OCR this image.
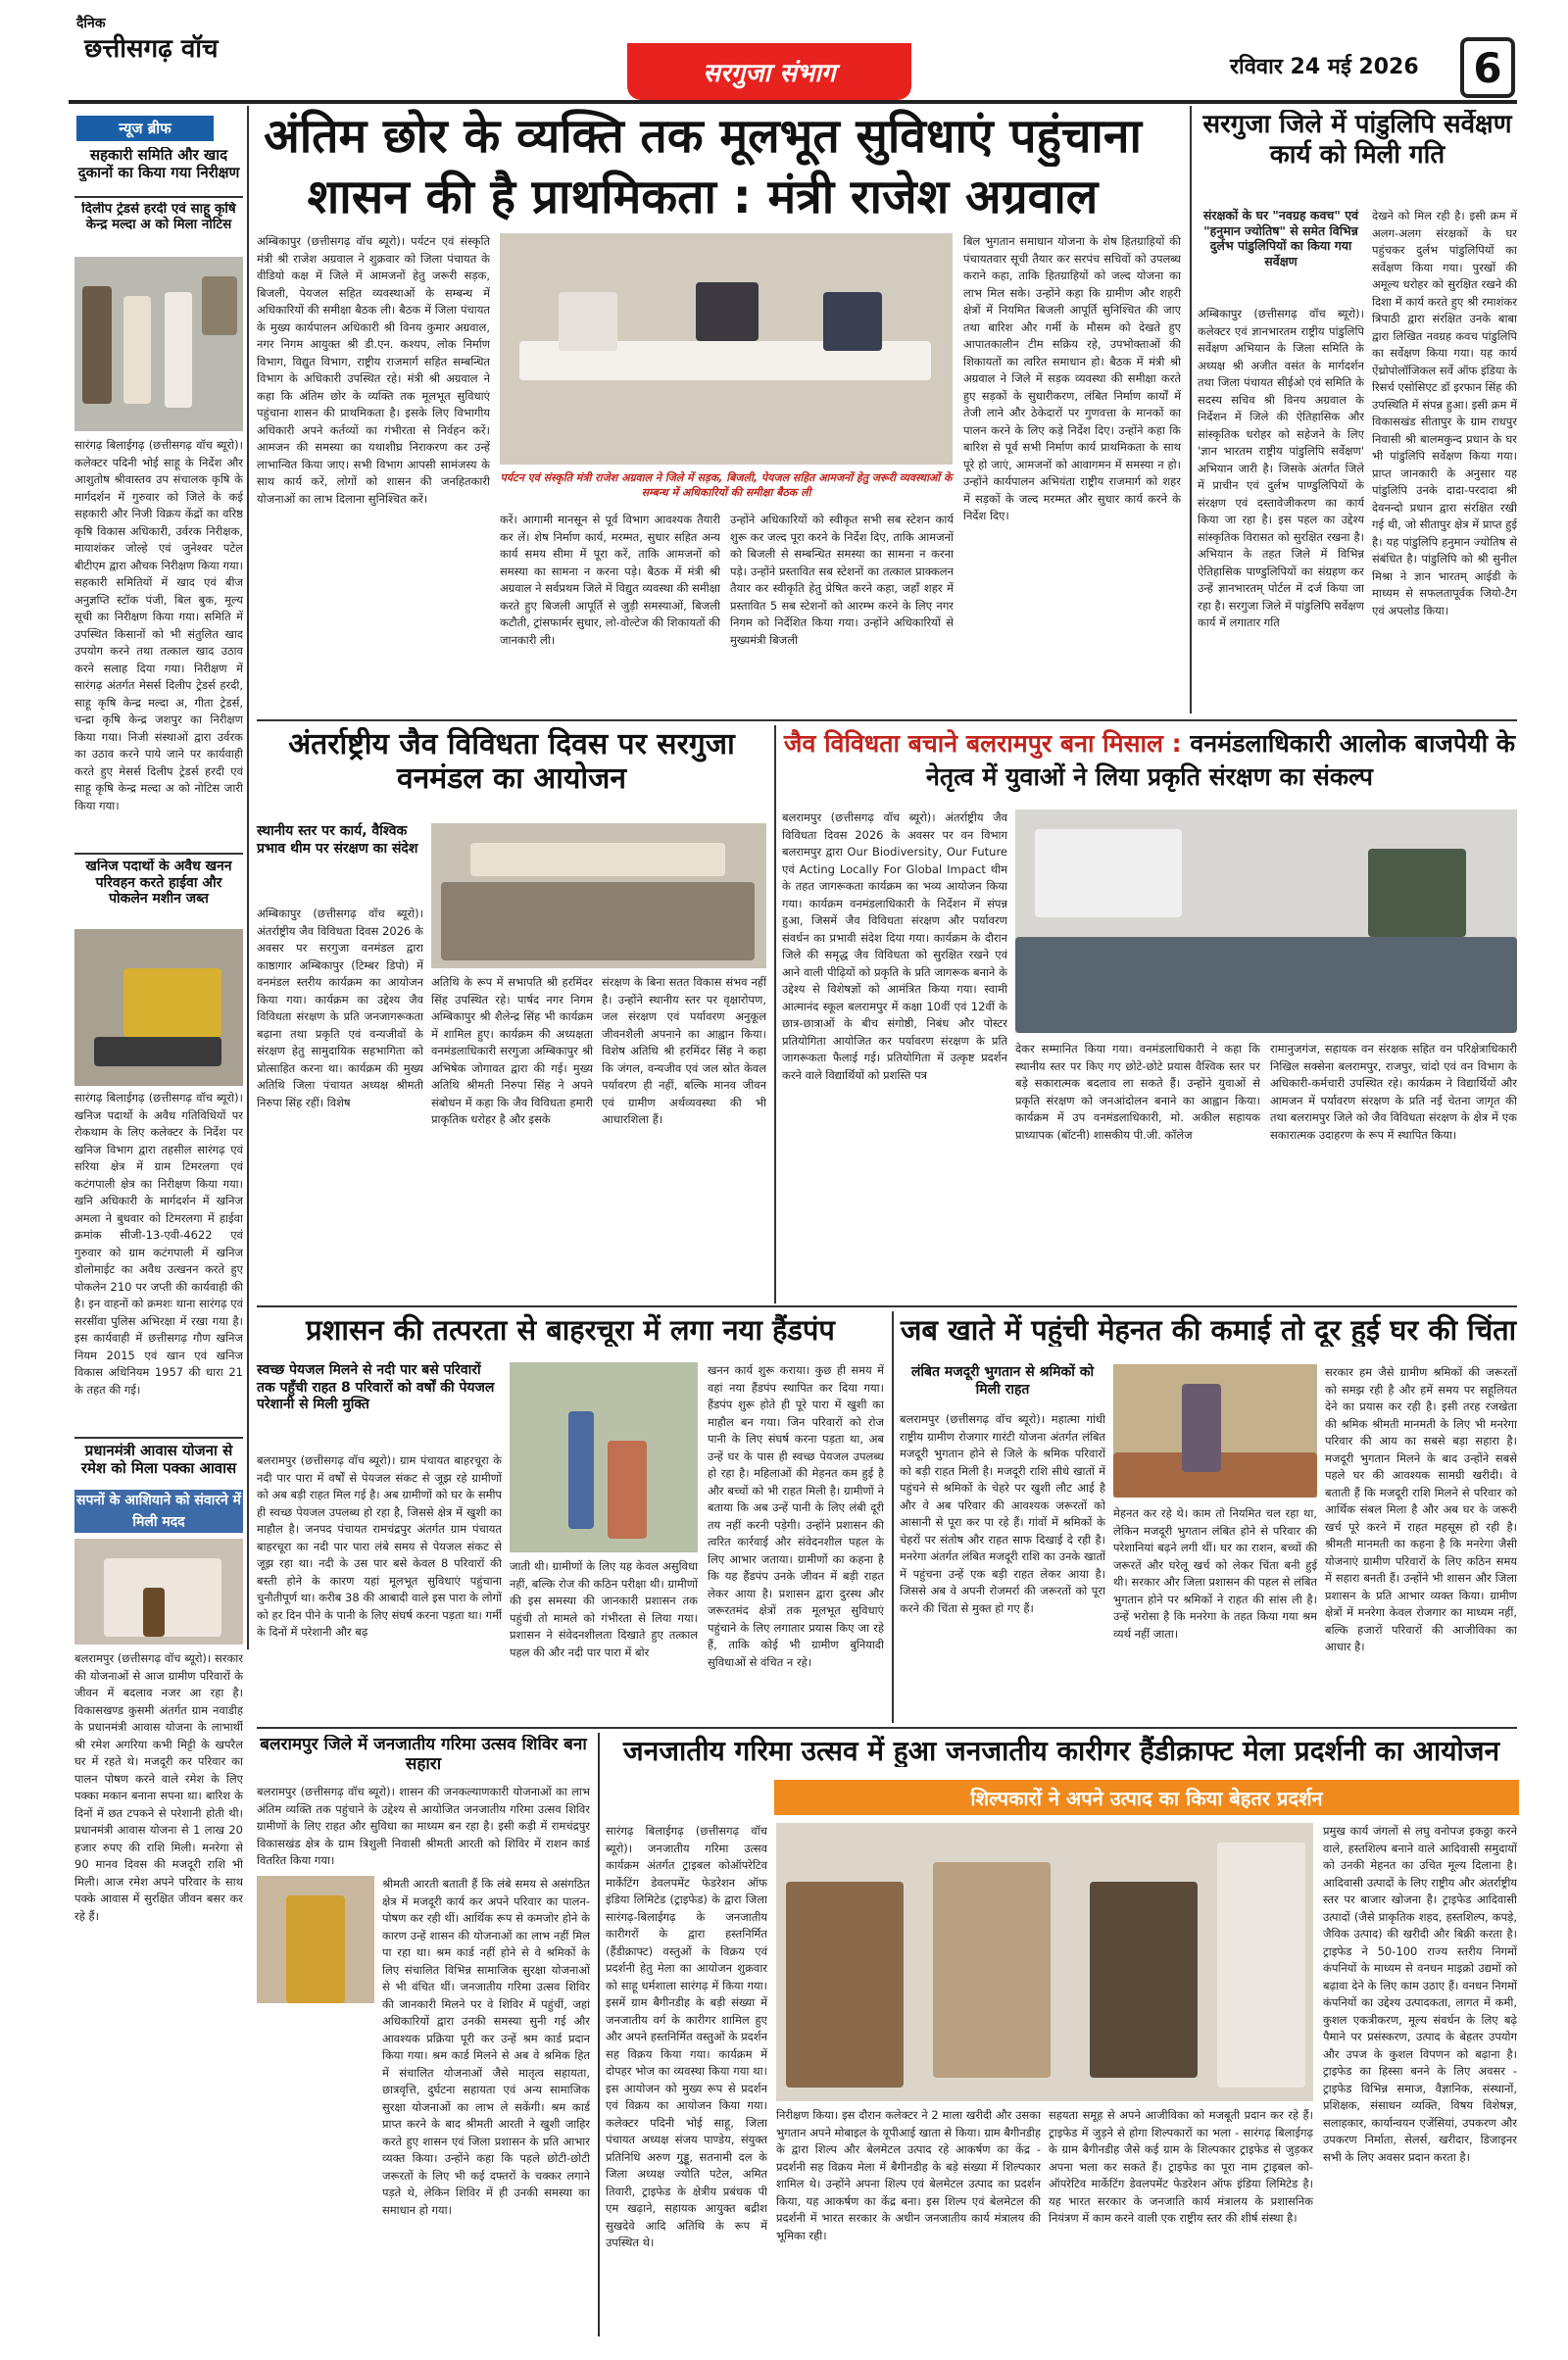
दैनिक
छत्तीसगढ़ वॉच
सरगुजा संभाग	रविवार 24 मई 2026	6
न्यूज ब्रीफ
सहकारी समिति और खाद दुकानों का किया गया निरीक्षण
दिलीप ट्रेडर्स हरदी एवं साहू कृषि केन्द्र मल्दा अ को मिला नोटिस
सारंगढ़ बिलाईगढ़ (छत्तीसगढ़ वॉच ब्यूरो)। कलेक्टर पदिनी भोई साहू के निर्देश और आशुतोष श्रीवास्तव उप संचालक कृषि के मार्गदर्शन में गुरुवार को जिले के कई सहकारी और निजी विक्रय केंद्रों का वरिष्ठ कृषि विकास अधिकारी, उर्वरक निरीक्षक, मायाशंकर जोल्हे एवं जुनेश्वर पटेल बीटीएम द्वारा औचक निरीक्षण किया गया। सहकारी समितियों में खाद एवं बीज अनुज्ञप्ति स्टॉक पंजी, बिल बुक, मूल्य सूची का निरीक्षण किया गया। समिति में उपस्थित किसानों को भी संतुलित खाद उपयोग करने तथा तत्काल खाद उठाव करने सलाह दिया गया। निरीक्षण में सारंगढ़ अंतर्गत मेसर्स दिलीप ट्रेडर्स हरदी, साहू कृषि केन्द्र मल्दा अ, गीता ट्रेडर्स, चन्द्रा कृषि केन्द्र जशपुर का निरीक्षण किया गया। निजी संस्थाओं द्वारा उर्वरक का उठाव करने पाये जाने पर कार्यवाही करते हुए मेसर्स दिलीप ट्रेडर्स हरदी एवं साहू कृषि केन्द्र मल्दा अ को नोटिस जारी किया गया।
खनिज पदार्थो के अवैध खनन परिवहन करते हाईवा और पोकलेन मशीन जब्त
सारंगढ़ बिलाईगढ़ (छत्तीसगढ़ वॉच ब्यूरो)। खनिज पदार्थो के अवैध गतिविधियों पर रोकथाम के लिए कलेक्टर के निर्देश पर खनिज विभाग द्वारा तहसील सारंगढ़ एवं सरिया क्षेत्र में ग्राम टिमरलगा एवं कटंगपाली क्षेत्र का निरीक्षण किया गया। खनि अधिकारी के मार्गदर्शन में खनिज अमला ने बुधवार को टिमरलगा में हाईवा क्रमांक सीजी-13-एवी-4622 एवं गुरुवार को ग्राम कटंगपाली में खनिज डोलोमाईट का अवैध उत्खनन करते हुए पोकलेन 210 पर जप्ती की कार्यवाही की है। इन वाहनों को क्रमशः थाना सारंगढ़ एवं सरसींवा पुलिस अभिरक्षा में रखा गया है। इस कार्यवाही में छत्तीसगढ़ गौण खनिज नियम 2015 एवं खान एवं खनिज विकास अधिनियम 1957 की धारा 21 के तहत की गई।
प्रधानमंत्री आवास योजना से रमेश को मिला पक्का आवास
सपनों के आशियाने को संवारने में मिली मदद
बलरामपुर (छत्तीसगढ़ वॉच ब्यूरो)। सरकार की योजनाओं से आज ग्रामीण परिवारों के जीवन में बदलाव नजर आ रहा है। विकासखण्ड कुसमी अंतर्गत ग्राम नवाडीह के प्रधानमंत्री आवास योजना के लाभार्थी श्री रमेश अगरिया कभी मिट्टी के खपरैल घर में रहते थे। मजदूरी कर परिवार का पालन पोषण करने वाले रमेश के लिए पक्का मकान बनाना सपना था। बारिश के दिनों में छत टपकने से परेशानी होती थी। प्रधानमंत्री आवास योजना से 1 लाख 20 हजार रुपए की राशि मिली। मनरेगा से 90 मानव दिवस की मजदूरी राशि भी मिली। आज रमेश अपने परिवार के साथ पक्के आवास में सुरक्षित जीवन बसर कर रहे हैं।
अंतिम छोर के व्यक्ति तक मूलभूत सुविधाएं पहुंचाना
शासन की है प्राथमिकता : मंत्री राजेश अग्रवाल
अम्बिकापुर (छत्तीसगढ़ वॉच ब्यूरो)। पर्यटन एवं संस्कृति मंत्री श्री राजेश अग्रवाल ने शुक्रवार को जिला पंचायत के वीडियो कक्ष में जिले में आमजनों हेतु जरूरी सड़क, बिजली, पेयजल सहित व्यवस्थाओं के सम्बन्ध में अधिकारियों की समीक्षा बैठक ली। बैठक में जिला पंचायत के मुख्य कार्यपालन अधिकारी श्री विनय कुमार अग्रवाल, नगर निगम आयुक्त श्री डी.एन. कश्यप, लोक निर्माण विभाग, विद्युत विभाग, राष्ट्रीय राजमार्ग सहित सम्बन्धित विभाग के अधिकारी उपस्थित रहे। मंत्री श्री अग्रवाल ने कहा कि अंतिम छोर के व्यक्ति तक मूलभूत सुविधाएं पहुंचाना शासन की प्राथमिकता है। इसके लिए विभागीय अधिकारी अपने कर्तव्यों का गंभीरता से निर्वहन करें। आमजन की समस्या का यथाशीघ्र निराकरण कर उन्हें लाभान्वित किया जाए। सभी विभाग आपसी सामंजस्य के साथ कार्य करें, लोगों को शासन की जनहितकारी योजनाओं का लाभ दिलाना सुनिश्चित करें।
पर्यटन एवं संस्कृति मंत्री राजेश अग्रवाल ने जिले में सड़क, बिजली, पेयजल सहित आमजनों हेतु जरूरी व्यवस्थाओं के सम्बन्ध में अधिकारियों की समीक्षा बैठक ली
करें। आगामी मानसून से पूर्व विभाग आवश्यक तैयारी कर लें। शेष निर्माण कार्य, मरम्मत, सुधार सहित अन्य कार्य समय सीमा में पूरा करें, ताकि आमजनों को समस्या का सामना न करना पड़े। बैठक में मंत्री श्री अग्रवाल ने सर्वप्रथम जिले में विद्युत व्यवस्था की समीक्षा करते हुए बिजली आपूर्ति से जुड़ी समस्याओं, बिजली कटौती, ट्रांसफार्मर सुधार, लो-वोल्टेज की शिकायतों की जानकारी ली।
उन्होंने अधिकारियों को स्वीकृत सभी सब स्टेशन कार्य शुरू कर जल्द पूरा करने के निर्देश दिए, ताकि आमजनों को बिजली से सम्बन्धित समस्या का सामना न करना पड़े। उन्होंने प्रस्तावित सब स्टेशनों का तत्काल प्राक्कलन तैयार कर स्वीकृति हेतु प्रेषित करने कहा, जहाँ शहर में प्रस्तावित 5 सब स्टेशनों को आरम्भ करने के लिए नगर निगम को निर्देशित किया गया। उन्होंने अधिकारियों से मुख्यमंत्री बिजली
बिल भुगतान समाधान योजना के शेष हितग्राहियों की पंचायतवार सूची तैयार कर सरपंच सचिवों को उपलब्ध कराने कहा, ताकि हितग्राहियों को जल्द योजना का लाभ मिल सके। उन्होंने कहा कि ग्रामीण और शहरी क्षेत्रों में नियमित बिजली आपूर्ति सुनिश्चित की जाए तथा बारिश और गर्मी के मौसम को देखते हुए आपातकालीन टीम सक्रिय रहे, उपभोक्ताओं की शिकायतों का त्वरित समाधान हो। बैठक में मंत्री श्री अग्रवाल ने जिले में सड़क व्यवस्था की समीक्षा करते हुए सड़कों के सुधारीकरण, लंबित निर्माण कार्यों में तेजी लाने और ठेकेदारों पर गुणवत्ता के मानकों का पालन करने के लिए कड़े निर्देश दिए। उन्होंने कहा कि बारिश से पूर्व सभी निर्माण कार्य प्राथमिकता के साथ पूरे हो जाएं, आमजनों को आवागमन में समस्या न हो। उन्होंने कार्यपालन अभियंता राष्ट्रीय राजमार्ग को शहर में सड़कों के जल्द मरम्मत और सुधार कार्य करने के निर्देश दिए।
सरगुजा जिले में पांडुलिपि सर्वेक्षण कार्य को मिली गति
संरक्षकों के घर "नवग्रह कवच" एवं "हनुमान ज्योतिष" से समेत विभिन्न दुर्लभ पांडुलिपियों का किया गया सर्वेक्षण
अम्बिकापुर (छत्तीसगढ़ वॉच ब्यूरो)। कलेक्टर एवं ज्ञानभारतम राष्ट्रीय पांडुलिपि सर्वेक्षण अभियान के जिला समिति के अध्यक्ष श्री अजीत वसंत के मार्गदर्शन तथा जिला पंचायत सीईओ एवं समिति के सदस्य सचिव श्री विनय अग्रवाल के निर्देशन में जिले की ऐतिहासिक और सांस्कृतिक धरोहर को सहेजने के लिए 'ज्ञान भारतम राष्ट्रीय पांडुलिपि सर्वेक्षण' अभियान जारी है। जिसके अंतर्गत जिले में प्राचीन एवं दुर्लभ पाण्डुलिपियों के संरक्षण एवं दस्तावेजीकरण का कार्य किया जा रहा है। इस पहल का उद्देश्य सांस्कृतिक विरासत को सुरक्षित रखना है। अभियान के तहत जिले में विभिन्न ऐतिहासिक पाण्डुलिपियों का संग्रहण कर उन्हें ज्ञानभारतम् पोर्टल में दर्ज किया जा रहा है। सरगुजा जिले में पांडुलिपि सर्वेक्षण कार्य में लगातार गति
देखने को मिल रही है। इसी क्रम में अलग-अलग संरक्षकों के घर पहुंचकर दुर्लभ पांडुलिपियों का सर्वेक्षण किया गया। पुरखों की अमूल्य धरोहर को सुरक्षित रखने की दिशा में कार्य करते हुए श्री रमाशंकर त्रिपाठी द्वारा संरक्षित उनके बाबा द्वारा लिखित नवग्रह कवच पांडुलिपि का सर्वेक्षण किया गया। यह कार्य ऐंथ्रोपोलॉजिकल सर्वे ऑफ इंडिया के रिसर्च एसोसिएट डॉ इरफान सिंह की उपस्थिति में संपन्न हुआ। इसी क्रम में विकासखंड सीतापुर के ग्राम राधपुर निवासी श्री बालमकुन्द प्रधान के घर भी पांडुलिपि सर्वेक्षण किया गया। प्राप्त जानकारी के अनुसार यह पांडुलिपि उनके दादा-परदादा श्री देवनन्दो प्रधान द्वारा संरक्षित रखी गई थी, जो सीतापुर क्षेत्र में प्राप्त हुई है। यह पांडुलिपि हनुमान ज्योतिष से संबंधित है। पांडुलिपि को श्री सुनील मिश्रा ने ज्ञान भारतम् आईडी के माध्यम से सफलतापूर्वक जियो-टैग एवं अपलोड किया।
अंतर्राष्ट्रीय जैव विविधता दिवस पर सरगुजा वनमंडल का आयोजन
स्थानीय स्तर पर कार्य, वैश्विक प्रभाव थीम पर संरक्षण का संदेश
अम्बिकापुर (छत्तीसगढ़ वॉच ब्यूरो)। अंतर्राष्ट्रीय जैव विविधता दिवस 2026 के अवसर पर सरगुजा वनमंडल द्वारा काष्ठागार अम्बिकापुर (टिम्बर डिपो) में वनमंडल स्तरीय कार्यक्रम का आयोजन किया गया। कार्यक्रम का उद्देश्य जैव विविधता संरक्षण के प्रति जनजागरूकता बढ़ाना तथा प्रकृति एवं वन्यजीवों के संरक्षण हेतु सामुदायिक सहभागिता को प्रोत्साहित करना था। कार्यक्रम की मुख्य अतिथि जिला पंचायत अध्यक्ष श्रीमती निरुपा सिंह रहीं। विशेष
अतिथि के रूप में सभापति श्री हरमिंदर सिंह उपस्थित रहे। पार्षद नगर निगम अम्बिकापुर श्री शैलेन्द्र सिंह भी कार्यक्रम में शामिल हुए। कार्यक्रम की अध्यक्षता वनमंडलाधिकारी सरगुजा अम्बिकापुर श्री अभिषेक जोगावत द्वारा की गई। मुख्य अतिथि श्रीमती निरुपा सिंह ने अपने संबोधन में कहा कि जैव विविधता हमारी प्राकृतिक धरोहर है और इसके
संरक्षण के बिना सतत विकास संभव नहीं है। उन्होंने स्थानीय स्तर पर वृक्षारोपण, जल संरक्षण एवं पर्यावरण अनुकूल जीवनशैली अपनाने का आह्वान किया। विशेष अतिथि श्री हरमिंदर सिंह ने कहा कि जंगल, वन्यजीव एवं जल स्रोत केवल पर्यावरण ही नहीं, बल्कि मानव जीवन एवं ग्रामीण अर्थव्यवस्था की भी आधारशिला हैं।
जैव विविधता बचाने बलरामपुर बना मिसाल : वनमंडलाधिकारी आलोक बाजपेयी के नेतृत्व में युवाओं ने लिया प्रकृति संरक्षण का संकल्प
बलरामपुर (छत्तीसगढ़ वॉच ब्यूरो)। अंतर्राष्ट्रीय जैव विविधता दिवस 2026 के अवसर पर वन विभाग बलरामपुर द्वारा Our Biodiversity, Our Future एवं Acting Locally For Global Impact थीम के तहत जागरूकता कार्यक्रम का भव्य आयोजन किया गया। कार्यक्रम वनमंडलाधिकारी के निर्देशन में संपन्न हुआ, जिसमें जैव विविधता संरक्षण और पर्यावरण संवर्धन का प्रभावी संदेश दिया गया। कार्यक्रम के दौरान जिले की समृद्ध जैव विविधता को सुरक्षित रखने एवं आने वाली पीढ़ियों को प्रकृति के प्रति जागरूक बनाने के उद्देश्य से विशेषज्ञों को आमंत्रित किया गया। स्वामी आत्मानंद स्कूल बलरामपुर में कक्षा 10वीं एवं 12वीं के छात्र-छात्राओं के बीच संगोष्ठी, निबंध और पोस्टर प्रतियोगिता आयोजित कर पर्यावरण संरक्षण के प्रति जागरूकता फैलाई गई। प्रतियोगिता में उत्कृष्ट प्रदर्शन करने वाले विद्यार्थियों को प्रशस्ति पत्र
देकर सम्मानित किया गया। वनमंडलाधिकारी ने कहा कि स्थानीय स्तर पर किए गए छोटे-छोटे प्रयास वैश्विक स्तर पर बड़े सकारात्मक बदलाव ला सकते हैं। उन्होंने युवाओं से प्रकृति संरक्षण को जनआंदोलन बनाने का आह्वान किया। कार्यक्रम में उप वनमंडलाधिकारी, मो. अकील सहायक प्राध्यापक (बॉटनी) शासकीय पी.जी. कॉलेज
रामानुजगंज, सहायक वन संरक्षक सहित वन परिक्षेत्राधिकारी निखिल सक्सेना बलरामपुर, राजपुर, चांदो एवं वन विभाग के अधिकारी-कर्मचारी उपस्थित रहे। कार्यक्रम ने विद्यार्थियों और आमजन में पर्यावरण संरक्षण के प्रति नई चेतना जागृत की तथा बलरामपुर जिले को जैव विविधता संरक्षण के क्षेत्र में एक सकारात्मक उदाहरण के रूप में स्थापित किया।
प्रशासन की तत्परता से बाहरचूरा में लगा नया हैंडपंप
स्वच्छ पेयजल मिलने से नदी पार बसे परिवारों तक पहुँची राहत 8 परिवारों को वर्षों की पेयजल परेशानी से मिली मुक्ति
बलरामपुर (छत्तीसगढ़ वॉच ब्यूरो)। ग्राम पंचायत बाहरचूरा के नदी पार पारा में वर्षों से पेयजल संकट से जूझ रहे ग्रामीणों को अब बड़ी राहत मिल गई है। अब ग्रामीणों को घर के समीप ही स्वच्छ पेयजल उपलब्ध हो रहा है, जिससे क्षेत्र में खुशी का माहौल है। जनपद पंचायत रामचंद्रपुर अंतर्गत ग्राम पंचायत बाहरचूरा का नदी पार पारा लंबे समय से पेयजल संकट से जूझ रहा था। नदी के उस पार बसे केवल 8 परिवारों की बस्ती होने के कारण यहां मूलभूत सुविधाएं पहुंचाना चुनौतीपूर्ण था। करीब 38 की आबादी वाले इस पारा के लोगों को हर दिन पीने के पानी के लिए संघर्ष करना पड़ता था। गर्मी के दिनों में परेशानी और बढ़
जाती थी। ग्रामीणों के लिए यह केवल असुविधा नहीं, बल्कि रोज की कठिन परीक्षा थी। ग्रामीणों की इस समस्या की जानकारी प्रशासन तक पहुंची तो मामले को गंभीरता से लिया गया। प्रशासन ने संवेदनशीलता दिखाते हुए तत्काल पहल की और नदी पार पारा में बोर
खनन कार्य शुरू कराया। कुछ ही समय में वहां नया हैंडपंप स्थापित कर दिया गया। हैंडपंप शुरू होते ही पूरे पारा में खुशी का माहौल बन गया। जिन परिवारों को रोज पानी के लिए संघर्ष करना पड़ता था, अब उन्हें घर के पास ही स्वच्छ पेयजल उपलब्ध हो रहा है। महिलाओं की मेहनत कम हुई है और बच्चों को भी राहत मिली है। ग्रामीणों ने बताया कि अब उन्हें पानी के लिए लंबी दूरी तय नहीं करनी पड़ेगी। उन्होंने प्रशासन की त्वरित कार्रवाई और संवेदनशील पहल के लिए आभार जताया। ग्रामीणों का कहना है कि यह हैंडपंप उनके जीवन में बड़ी राहत लेकर आया है। प्रशासन द्वारा दुरस्थ और जरूरतमंद क्षेत्रों तक मूलभूत सुविधाएं पहुंचाने के लिए लगातार प्रयास किए जा रहे हैं, ताकि कोई भी ग्रामीण बुनियादी सुविधाओं से वंचित न रहे।
जब खाते में पहुंची मेहनत की कमाई तो दूर हुई घर की चिंता
लंबित मजदूरी भुगतान से श्रमिकों को मिली राहत
बलरामपुर (छत्तीसगढ़ वॉच ब्यूरो)। महात्मा गांधी राष्ट्रीय ग्रामीण रोजगार गारंटी योजना अंतर्गत लंबित मजदूरी भुगतान होने से जिले के श्रमिक परिवारों को बड़ी राहत मिली है। मजदूरी राशि सीधे खातों में पहुंचने से श्रमिकों के चेहरे पर खुशी लौट आई है और वे अब परिवार की आवश्यक जरूरतों को आसानी से पूरा कर पा रहे हैं। गांवों में श्रमिकों के चेहरों पर संतोष और राहत साफ दिखाई दे रही है। मनरेगा अंतर्गत लंबित मजदूरी राशि का उनके खातों में पहुंचना उन्हें एक बड़ी राहत लेकर आया है। जिससे अब वे अपनी रोजमर्रा की जरूरतों को पूरा करने की चिंता से मुक्त हो गए हैं।
मेहनत कर रहे थे। काम तो नियमित चल रहा था, लेकिन मजदूरी भुगतान लंबित होने से परिवार की परेशानियां बढ़ने लगी थीं। घर का राशन, बच्चों की जरूरतें और घरेलू खर्च को लेकर चिंता बनी हुई थी। सरकार और जिला प्रशासन की पहल से लंबित भुगतान होने पर श्रमिकों ने राहत की सांस ली है। उन्हें भरोसा है कि मनरेगा के तहत किया गया श्रम व्यर्थ नहीं जाता।
सरकार हम जैसे ग्रामीण श्रमिकों की जरूरतों को समझ रही है और हमें समय पर सहूलियत देने का प्रयास कर रही है। इसी तरह रजखेता की श्रमिक श्रीमती मानमती के लिए भी मनरेगा परिवार की आय का सबसे बड़ा सहारा है। मजदूरी भुगतान मिलने के बाद उन्होंने सबसे पहले घर की आवश्यक सामग्री खरीदी। वे बताती हैं कि मजदूरी राशि मिलने से परिवार को आर्थिक संबल मिला है और अब घर के जरूरी खर्च पूरे करने में राहत महसूस हो रही है। श्रीमती मानमती का कहना है कि मनरेगा जैसी योजनाएं ग्रामीण परिवारों के लिए कठिन समय में सहारा बनती हैं। उन्होंने भी शासन और जिला प्रशासन के प्रति आभार व्यक्त किया। ग्रामीण क्षेत्रों में मनरेगा केवल रोजगार का माध्यम नहीं, बल्कि हजारों परिवारों की आजीविका का आधार है।
बलरामपुर जिले में जनजातीय गरिमा उत्सव शिविर बना सहारा
बलरामपुर (छत्तीसगढ़ वॉच ब्यूरो)। शासन की जनकल्याणकारी योजनाओं का लाभ अंतिम व्यक्ति तक पहुंचाने के उद्देश्य से आयोजित जनजातीय गरिमा उत्सव शिविर ग्रामीणों के लिए राहत और सुविधा का माध्यम बन रहा है। इसी कड़ी में रामचंद्रपुर विकासखंड क्षेत्र के ग्राम त्रिशुली निवासी श्रीमती आरती को शिविर में राशन कार्ड वितरित किया गया।
श्रीमती आरती बताती हैं कि लंबे समय से असंगठित क्षेत्र में मजदूरी कार्य कर अपने परिवार का पालन-पोषण कर रही थीं। आर्थिक रूप से कमजोर होने के कारण उन्हें शासन की योजनाओं का लाभ नहीं मिल पा रहा था। श्रम कार्ड नहीं होने से वे श्रमिकों के लिए संचालित विभिन्न सामाजिक सुरक्षा योजनाओं से भी वंचित थीं। जनजातीय गरिमा उत्सव शिविर की जानकारी मिलने पर वे शिविर में पहुंचीं, जहां अधिकारियों द्वारा उनकी समस्या सुनी गई और आवश्यक प्रक्रिया पूरी कर उन्हें श्रम कार्ड प्रदान किया गया। श्रम कार्ड मिलने से अब वे श्रमिक हित में संचालित योजनाओं जैसे मातृत्व सहायता, छात्रवृत्ति, दुर्घटना सहायता एवं अन्य सामाजिक सुरक्षा योजनाओं का लाभ ले सकेंगी। श्रम कार्ड प्राप्त करने के बाद श्रीमती आरती ने खुशी जाहिर करते हुए शासन एवं जिला प्रशासन के प्रति आभार व्यक्त किया। उन्होंने कहा कि पहले छोटी-छोटी जरूरतों के लिए भी कई दफ्तरों के चक्कर लगाने पड़ते थे, लेकिन शिविर में ही उनकी समस्या का समाधान हो गया।
जनजातीय गरिमा उत्सव में हुआ जनजातीय कारीगर हैंडीक्राफ्ट मेला प्रदर्शनी का आयोजन
शिल्पकारों ने अपने उत्पाद का किया बेहतर प्रदर्शन
सारंगढ़ बिलाईगढ़ (छत्तीसगढ़ वॉच ब्यूरो)। जनजातीय गरिमा उत्सव कार्यक्रम अंतर्गत ट्राइबल कोऑपरेटिव मार्केटिंग डेवलपमेंट फेडरेशन ऑफ इंडिया लिमिटेड (ट्राइफेड) के द्वारा जिला सारंगढ़-बिलाईगढ़ के जनजातीय कारीगरों के द्वारा हस्तनिर्मित (हैंडीक्राफ्ट) वस्तुओं के विक्रय एवं प्रदर्शनी हेतु मेला का आयोजन शुक्रवार को साहू धर्मशाला सारंगढ़ में किया गया। इसमें ग्राम बैगीनडीह के बड़ी संख्या में जनजातीय वर्ग के कारीगर शामिल हुए और अपने हस्तनिर्मित वस्तुओं के प्रदर्शन सह विक्रय किया गया। कार्यक्रम में दोपहर भोज का व्यवस्था किया गया था। इस आयोजन को मुख्य रूप से प्रदर्शन एवं विक्रय का आयोजन किया गया। कलेक्टर पदिनी भोई साहू, जिला पंचायत अध्यक्ष संजय पाण्डेय, संयुक्त प्रतिनिधि अरुण गुड्डू, सतनामी दल के जिला अध्यक्ष ज्योति पटेल, अमित तिवारी, ट्राइफेड के क्षेत्रीय प्रबंधक पी एम खढ़ाने, सहायक आयुक्त बद्रीश सुखदेवे आदि अतिथि के रूप में उपस्थित थे।
निरीक्षण किया। इस दौरान कलेक्टर ने 2 माला खरीदी और उसका भुगतान अपने मोबाइल के यूपीआई खाता से किया। ग्राम बैगीनडीह के द्वारा शिल्प और बेलमेटल उत्पाद रहे आकर्षण का केंद्र - प्रदर्शनी सह विक्रय मेला में बैगीनडीह के बड़े संख्या में शिल्पकार शामिल थे। उन्होंने अपना शिल्प एवं बेलमेटल उत्पाद का प्रदर्शन किया, यह आकर्षण का केंद्र बना। इस शिल्प एवं बेलमेटल की प्रदर्शनी में भारत सरकार के अधीन जनजातीय कार्य मंत्रालय की भूमिका रही।
सहयता समूह से अपने आजीविका को मजबूती प्रदान कर रहे हैं। ट्राइफेड में जुड़ने से होगा शिल्पकारों का भला - सारंगढ़ बिलाईगढ़ के ग्राम बैगीनडीह जैसे कई ग्राम के शिल्पकार ट्राइफेड से जुड़कर अपना भला कर सकते हैं। ट्राइफेड का पूरा नाम ट्राइबल को-ऑपरेटिव मार्केटिंग डेवलपमेंट फेडरेशन ऑफ इंडिया लिमिटेड है। यह भारत सरकार के जनजाति कार्य मंत्रालय के प्रशासनिक नियंत्रण में काम करने वाली एक राष्ट्रीय स्तर की शीर्ष संस्था है।
प्रमुख कार्य जंगलों से लघु वनोपज इकठ्ठा करने वाले, हस्तशिल्प बनाने वाले आदिवासी समुदायों को उनकी मेहनत का उचित मूल्य दिलाना है। आदिवासी उत्पादों के लिए राष्ट्रीय और अंतर्राष्ट्रीय स्तर पर बाजार खोजना है। ट्राइफेड आदिवासी उत्पादों (जैसे प्राकृतिक शहद, हस्तशिल्प, कपड़े, जैविक उत्पाद) की खरीदी और बिक्री करता है। ट्राइफेड ने 50-100 राज्य स्तरीय निगमों कंपनियों के माध्यम से वनधन माइक्रो उद्यमों को बढ़ावा देने के लिए काम उठाए हैं। वनधन निगमों कंपनियों का उद्देश्य उत्पादकता, लागत में कमी, कुशल एकत्रीकरण, मूल्य संवर्धन के लिए बढ़े पैमाने पर प्रसंस्करण, उत्पाद के बेहतर उपयोग और उपज के कुशल विपणन को बढ़ाना है। ट्राइफेड का हिस्सा बनने के लिए अवसर - ट्राइफेड विभिन्न समाज, वैज्ञानिक, संस्थानों, प्रशिक्षक, संसाधन व्यक्ति, विषय विशेषज्ञ, सलाहकार, कार्यान्वयन एजेंसियां, उपकरण और उपकरण निर्माता, सेलर्स, खरीदार, डिजाइनर सभी के लिए अवसर प्रदान करता है।
